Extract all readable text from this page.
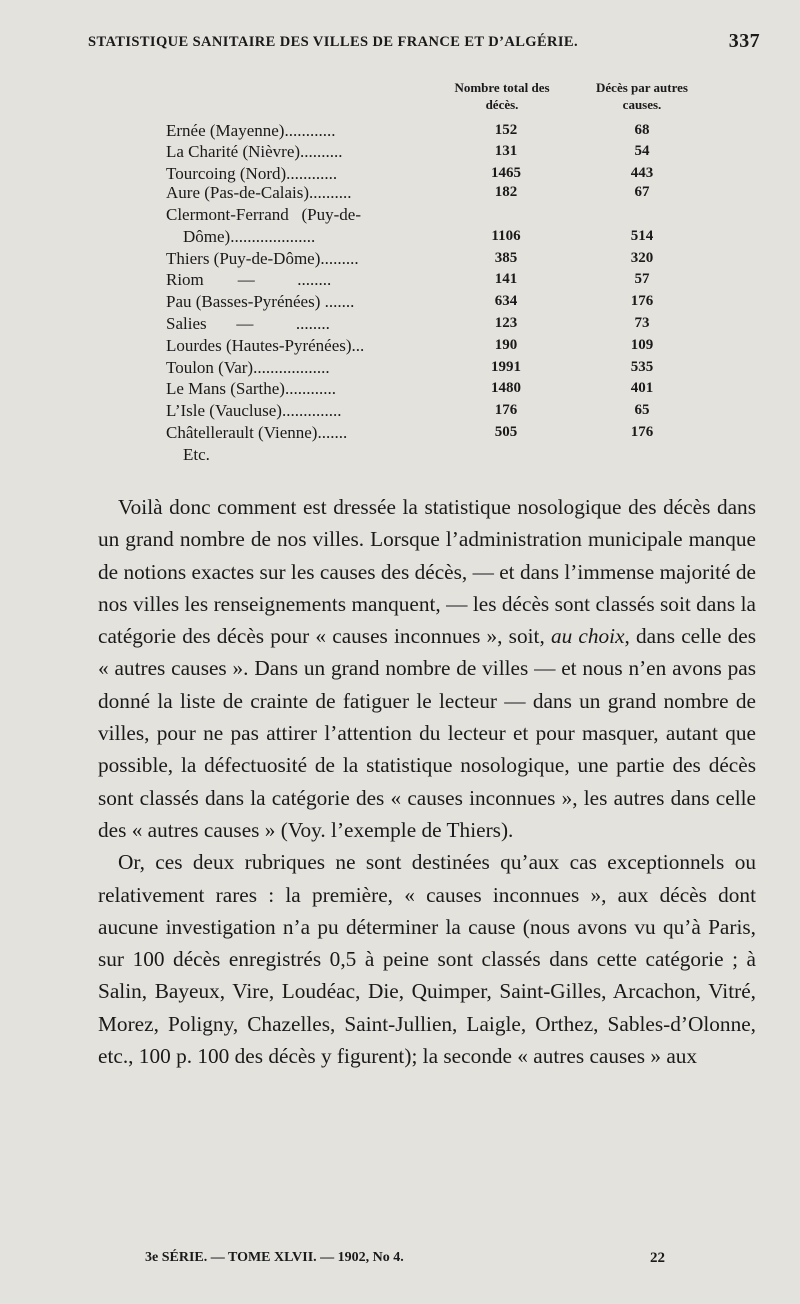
STATISTIQUE SANITAIRE DES VILLES DE FRANCE ET D’ALGÉRIE.	337
Nombre total des décès.
Décès par autres causes.
Ernée (Mayenne)............	152	68
La Charité (Nièvre)..........	131	54
Tourcoing (Nord)............	1465	443
Aure (Pas-de-Calais)..........	182	67
Clermont-Ferrand   (Puy-de-
Dôme)....................	1106	514
Thiers (Puy-de-Dôme).........	385	320
Riom        —          ........	141	57
Pau (Basses-Pyrénées) .......	634	176
Salies       —          ........	123	73
Lourdes (Hautes-Pyrénées)...	190	109
Toulon (Var)..................	1991	535
Le Mans (Sarthe)............	1480	401
L’Isle (Vaucluse)..............	176	65
Châtellerault (Vienne).......	505	176
Etc.

Voilà donc comment est dressée la statistique nosologique des décès dans un grand nombre de nos villes. Lorsque l’administration municipale manque de notions exactes sur les causes des décès, — et dans l’immense majorité de nos villes les renseignements manquent, — les décès sont classés soit dans la catégorie des décès pour « causes inconnues », soit, au choix, dans celle des « autres causes ». Dans un grand nombre de villes — et nous n’en avons pas donné la liste de crainte de fatiguer le lecteur — dans un grand nombre de villes, pour ne pas attirer l’attention du lecteur et pour masquer, autant que possible, la défectuosité de la statistique nosologique, une partie des décès sont classés dans la catégorie des « causes inconnues », les autres dans celle des « autres causes » (Voy. l’exemple de Thiers).

Or, ces deux rubriques ne sont destinées qu’aux cas exceptionnels ou relativement rares : la première, « causes inconnues », aux décès dont aucune investigation n’a pu déterminer la cause (nous avons vu qu’à Paris, sur 100 décès enregistrés 0,5 à peine sont classés dans cette catégorie ; à Salin, Bayeux, Vire, Loudéac, Die, Quimper, Saint-Gilles, Arcachon, Vitré, Morez, Poligny, Chazelles, Saint-Jullien, Laigle, Orthez, Sables-d’Olonne, etc., 100 p. 100 des décès y figurent); la seconde « autres causes » aux

3e SÉRIE. — TOME XLVII. — 1902, No 4.	22
